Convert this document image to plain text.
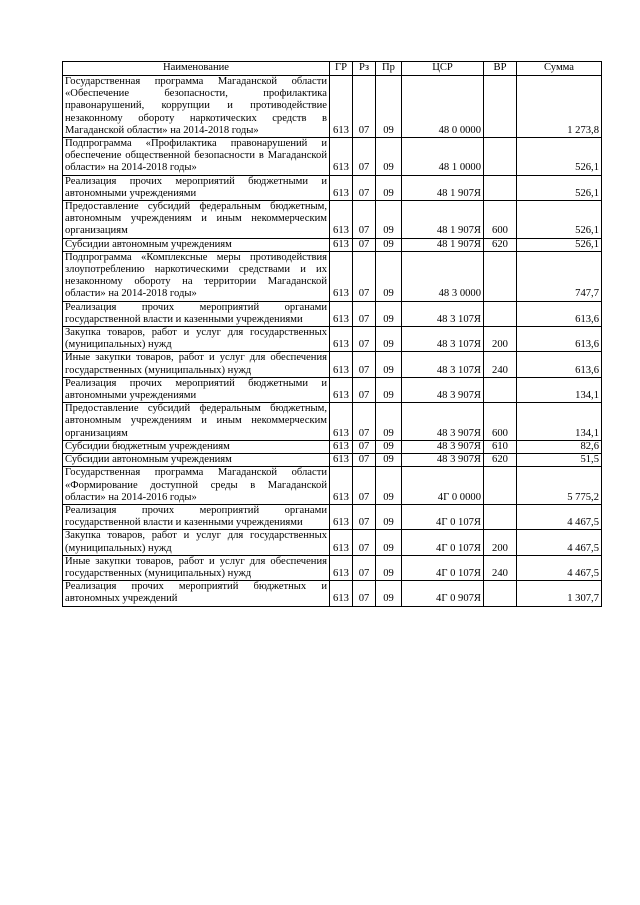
Наименование	ГР	Рз	Пр	ЦСР	ВР	Сумма
Государственная программа Магаданской области «Обеспечение безопасности, профилактика правонарушений, коррупции и противодействие незаконному обороту наркотических средств в Магаданской области» на 2014-2018 годы»	613	07	09	48 0 0000		1 273,8
Подпрограмма «Профилактика правонарушений и обеспечение общественной безопасности в Магаданской области» на 2014-2018 годы»	613	07	09	48 1 0000		526,1
Реализация прочих мероприятий бюджетными и автономными учреждениями	613	07	09	48 1 907Я		526,1
Предоставление субсидий федеральным бюджетным, автономным учреждениям и иным некоммерческим организациям	613	07	09	48 1 907Я	600	526,1
Субсидии автономным учреждениям	613	07	09	48 1 907Я	620	526,1
Подпрограмма «Комплексные меры противодействия злоупотреблению наркотическими средствами и их незаконному обороту на территории Магаданской области» на 2014-2018 годы»	613	07	09	48 3 0000		747,7
Реализация прочих мероприятий органами государственной власти и казенными учреждениями	613	07	09	48 3 107Я		613,6
Закупка товаров, работ и услуг для государственных (муниципальных) нужд	613	07	09	48 3 107Я	200	613,6
Иные закупки товаров, работ и услуг для обеспечения государственных (муниципальных) нужд	613	07	09	48 3 107Я	240	613,6
Реализация прочих мероприятий бюджетными и автономными учреждениями	613	07	09	48 3 907Я		134,1
Предоставление субсидий федеральным бюджетным, автономным учреждениям и иным некоммерческим организациям	613	07	09	48 3 907Я	600	134,1
Субсидии бюджетным учреждениям	613	07	09	48 3 907Я	610	82,6
Субсидии автономным учреждениям	613	07	09	48 3 907Я	620	51,5
Государственная программа Магаданской области «Формирование доступной среды в Магаданской области» на 2014-2016 годы»	613	07	09	4Г 0 0000		5 775,2
Реализация прочих мероприятий органами государственной власти и казенными учреждениями	613	07	09	4Г 0 107Я		4 467,5
Закупка товаров, работ и услуг для государственных (муниципальных) нужд	613	07	09	4Г 0 107Я	200	4 467,5
Иные закупки товаров, работ и услуг для обеспечения государственных (муниципальных) нужд	613	07	09	4Г 0 107Я	240	4 467,5
Реализация прочих мероприятий бюджетных и автономных учреждений	613	07	09	4Г 0 907Я		1 307,7
